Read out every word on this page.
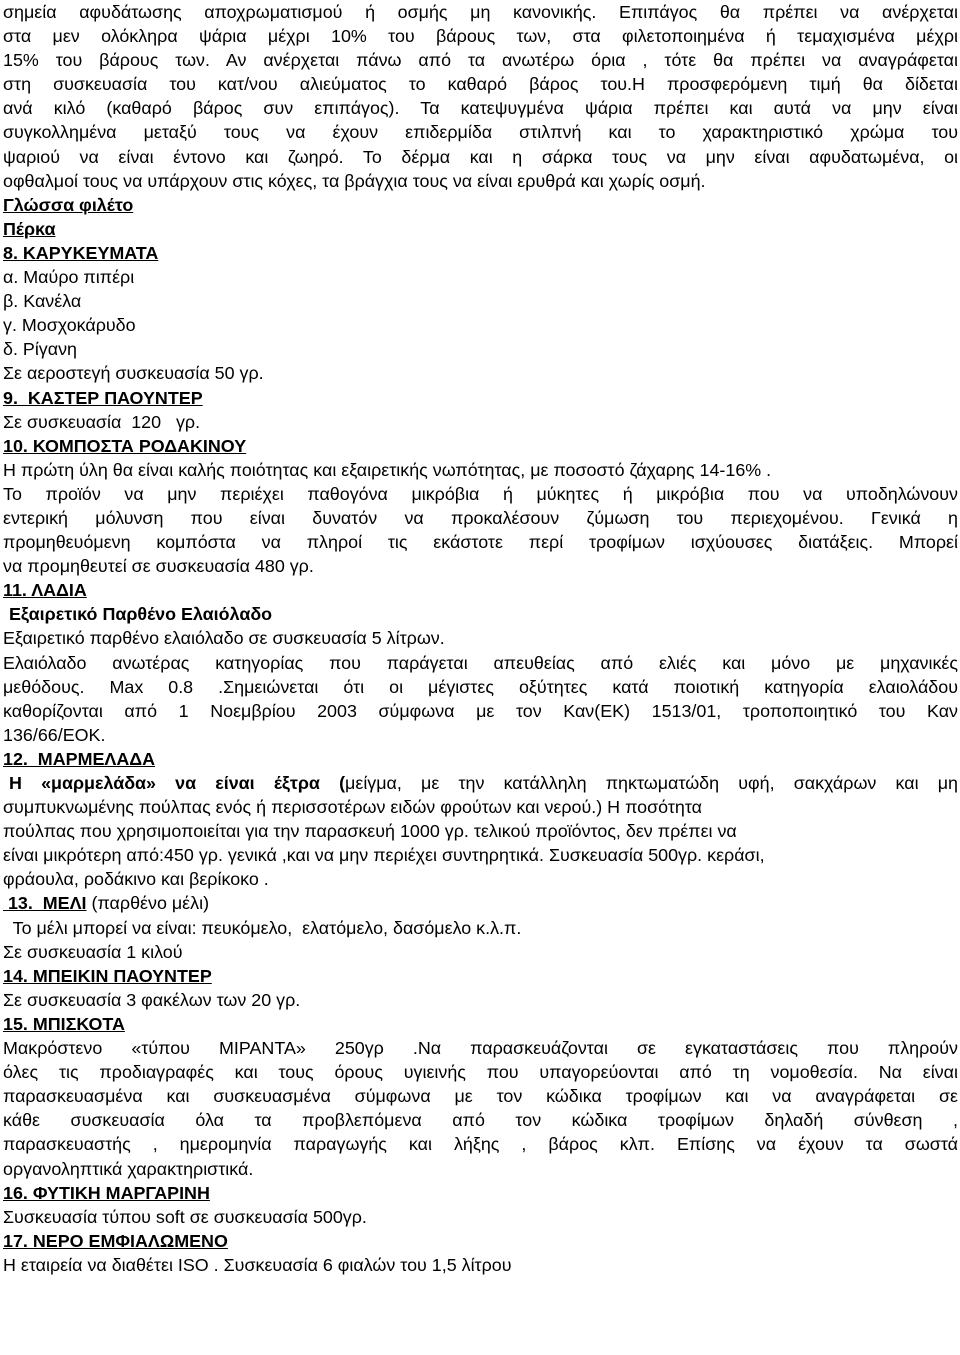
σημεία αφυδάτωσης αποχρωματισμού ή οσμής μη κανονικής. Επιπάγος θα πρέπει να ανέρχεται
στα μεν ολόκληρα ψάρια μέχρι 10% του βάρους των, στα φιλετοποιημένα ή τεμαχισμένα μέχρι
15% του βάρους των. Αν ανέρχεται πάνω από τα ανωτέρω όρια , τότε θα πρέπει να αναγράφεται
στη συσκευασία του κατ/νου αλιεύματος το καθαρό βάρος του.Η προσφερόμενη τιμή θα δίδεται
ανά κιλό (καθαρό βάρος συν επιπάγος). Τα κατεψυγμένα ψάρια πρέπει και αυτά να μην είναι
συγκολλημένα μεταξύ τους να έχουν επιδερμίδα στιλπνή και το χαρακτηριστικό χρώμα του
ψαριού να είναι έντονο και ζωηρό. Το δέρμα και η σάρκα τους να μην είναι αφυδατωμένα, οι
οφθαλμοί τους να υπάρχουν στις κόχες, τα βράγχια τους να είναι ερυθρά και χωρίς οσμή.
Γλώσσα φιλέτο
Πέρκα
8. ΚΑΡΥΚΕΥΜΑΤΑ
α. Μαύρο πιπέρι
β. Κανέλα
γ. Μοσχοκάρυδο
δ. Ρίγανη
Σε αεροστεγή συσκευασία 50 γρ.
9.  ΚΑΣΤΕΡ ΠΑΟΥΝΤΕΡ
Σε συσκευασία  120   γρ.
10. ΚΟΜΠΟΣΤΑ ΡΟΔΑΚΙΝΟΥ
Η πρώτη ύλη θα είναι καλής ποιότητας και εξαιρετικής νωπότητας, με ποσοστό ζάχαρης 14-16% .
Το προϊόν να μην περιέχει παθογόνα μικρόβια ή μύκητες ή μικρόβια που να υποδηλώνουν
εντερική μόλυνση που είναι δυνατόν να προκαλέσουν ζύμωση του περιεχομένου. Γενικά η
προμηθευόμενη κομπόστα να πληροί τις εκάστοτε περί τροφίμων ισχύουσες διατάξεις. Μπορεί
να προμηθευτεί σε συσκευασία 480 γρ.
11. ΛΑΔΙΑ
Εξαιρετικό Παρθένο Ελαιόλαδο
Εξαιρετικό παρθένο ελαιόλαδο σε συσκευασία 5 λίτρων.
Ελαιόλαδο ανωτέρας κατηγορίας που παράγεται απευθείας από ελιές και μόνο με μηχανικές
μεθόδους. Max 0.8 .Σημειώνεται ότι οι μέγιστες οξύτητες κατά ποιοτική κατηγορία ελαιολάδου
καθορίζονται από 1 Νοεμβρίου 2003 σύμφωνα με τον Καν(ΕΚ) 1513/01, τροποποιητικό του Καν
136/66/ΕΟΚ.
12.  ΜΑΡΜΕΛΑΔΑ
Η «μαρμελάδα» να είναι έξτρα (μείγμα, με την κατάλληλη πηκτωματώδη υφή, σακχάρων και μη
συμπυκνωμένης πούλπας ενός ή περισσοτέρων ειδών φρούτων και νερού.) Η ποσότητα
πούλπας που χρησιμοποιείται για την παρασκευή 1000 γρ. τελικού προϊόντος, δεν πρέπει να
είναι μικρότερη από:450 γρ. γενικά ,και να μην περιέχει συντηρητικά. Συσκευασία 500γρ. κεράσι,
φράουλα, ροδάκινο και βερίκοκο .
13.  ΜΕΛΙ (παρθένο μέλι)
Το μέλι μπορεί να είναι: πευκόμελο,  ελατόμελο, δασόμελο κ.λ.π.
Σε συσκευασία 1 κιλού
14. ΜΠΕΙΚΙΝ ΠΑΟΥΝΤΕΡ
Σε συσκευασία 3 φακέλων των 20 γρ.
15. ΜΠΙΣΚΟΤΑ
Μακρόστενο «τύπου ΜΙΡΑΝΤΑ» 250γρ .Να παρασκευάζονται σε εγκαταστάσεις που πληρούν
όλες τις προδιαγραφές και τους όρους υγιεινής που υπαγορεύονται από τη νομοθεσία. Να είναι
παρασκευασμένα και συσκευασμένα σύμφωνα με τον κώδικα τροφίμων και να αναγράφεται σε
κάθε συσκευασία όλα τα προβλεπόμενα από τον κώδικα τροφίμων δηλαδή σύνθεση ,
παρασκευαστής , ημερομηνία παραγωγής και λήξης , βάρος κλπ. Επίσης να έχουν τα σωστά
οργανοληπτικά χαρακτηριστικά.
16. ΦΥΤΙΚΗ ΜΑΡΓΑΡΙΝΗ
Συσκευασία τύπου soft σε συσκευασία 500γρ.
17. ΝΕΡΟ ΕΜΦΙΑΛΩΜΕΝΟ
Η εταιρεία να διαθέτει ISO . Συσκευασία 6 φιαλών του 1,5 λίτρου
